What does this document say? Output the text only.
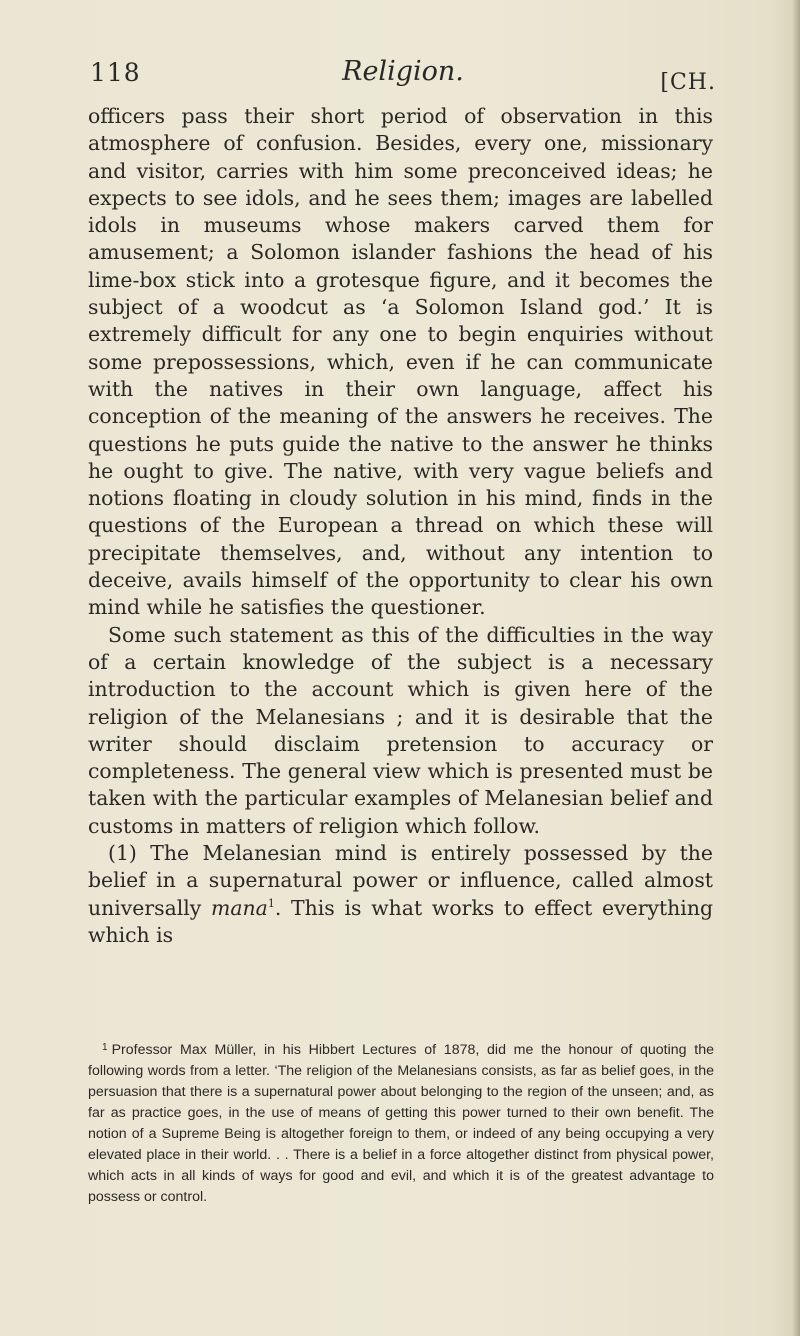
118	Religion.	[CH.

officers pass their short period of observation in this atmosphere of confusion. Besides, every one, missionary and visitor, carries with him some preconceived ideas; he expects to see idols, and he sees them; images are labelled idols in museums whose makers carved them for amusement; a Solomon islander fashions the head of his lime-box stick into a grotesque figure, and it becomes the subject of a woodcut as ‘a Solomon Island god.’ It is extremely difficult for any one to begin enquiries without some prepossessions, which, even if he can communicate with the natives in their own language, affect his conception of the meaning of the answers he receives. The questions he puts guide the native to the answer he thinks he ought to give. The native, with very vague beliefs and notions floating in cloudy solution in his mind, finds in the questions of the European a thread on which these will precipitate themselves, and, without any intention to deceive, avails himself of the opportunity to clear his own mind while he satisfies the questioner.

Some such statement as this of the difficulties in the way of a certain knowledge of the subject is a necessary introduction to the account which is given here of the religion of the Melanesians ; and it is desirable that the writer should disclaim pretension to accuracy or completeness. The general view which is presented must be taken with the particular examples of Melanesian belief and customs in matters of religion which follow.

(1) The Melanesian mind is entirely possessed by the belief in a supernatural power or influence, called almost universally mana$^1$. This is what works to effect everything which is

$^1$ Professor Max Müller, in his Hibbert Lectures of 1878, did me the honour of quoting the following words from a letter. ‘The religion of the Melanesians consists, as far as belief goes, in the persuasion that there is a supernatural power about belonging to the region of the unseen; and, as far as practice goes, in the use of means of getting this power turned to their own benefit. The notion of a Supreme Being is altogether foreign to them, or indeed of any being occupying a very elevated place in their world. . . There is a belief in a force altogether distinct from physical power, which acts in all kinds of ways for good and evil, and which it is of the greatest advantage to possess or control.
